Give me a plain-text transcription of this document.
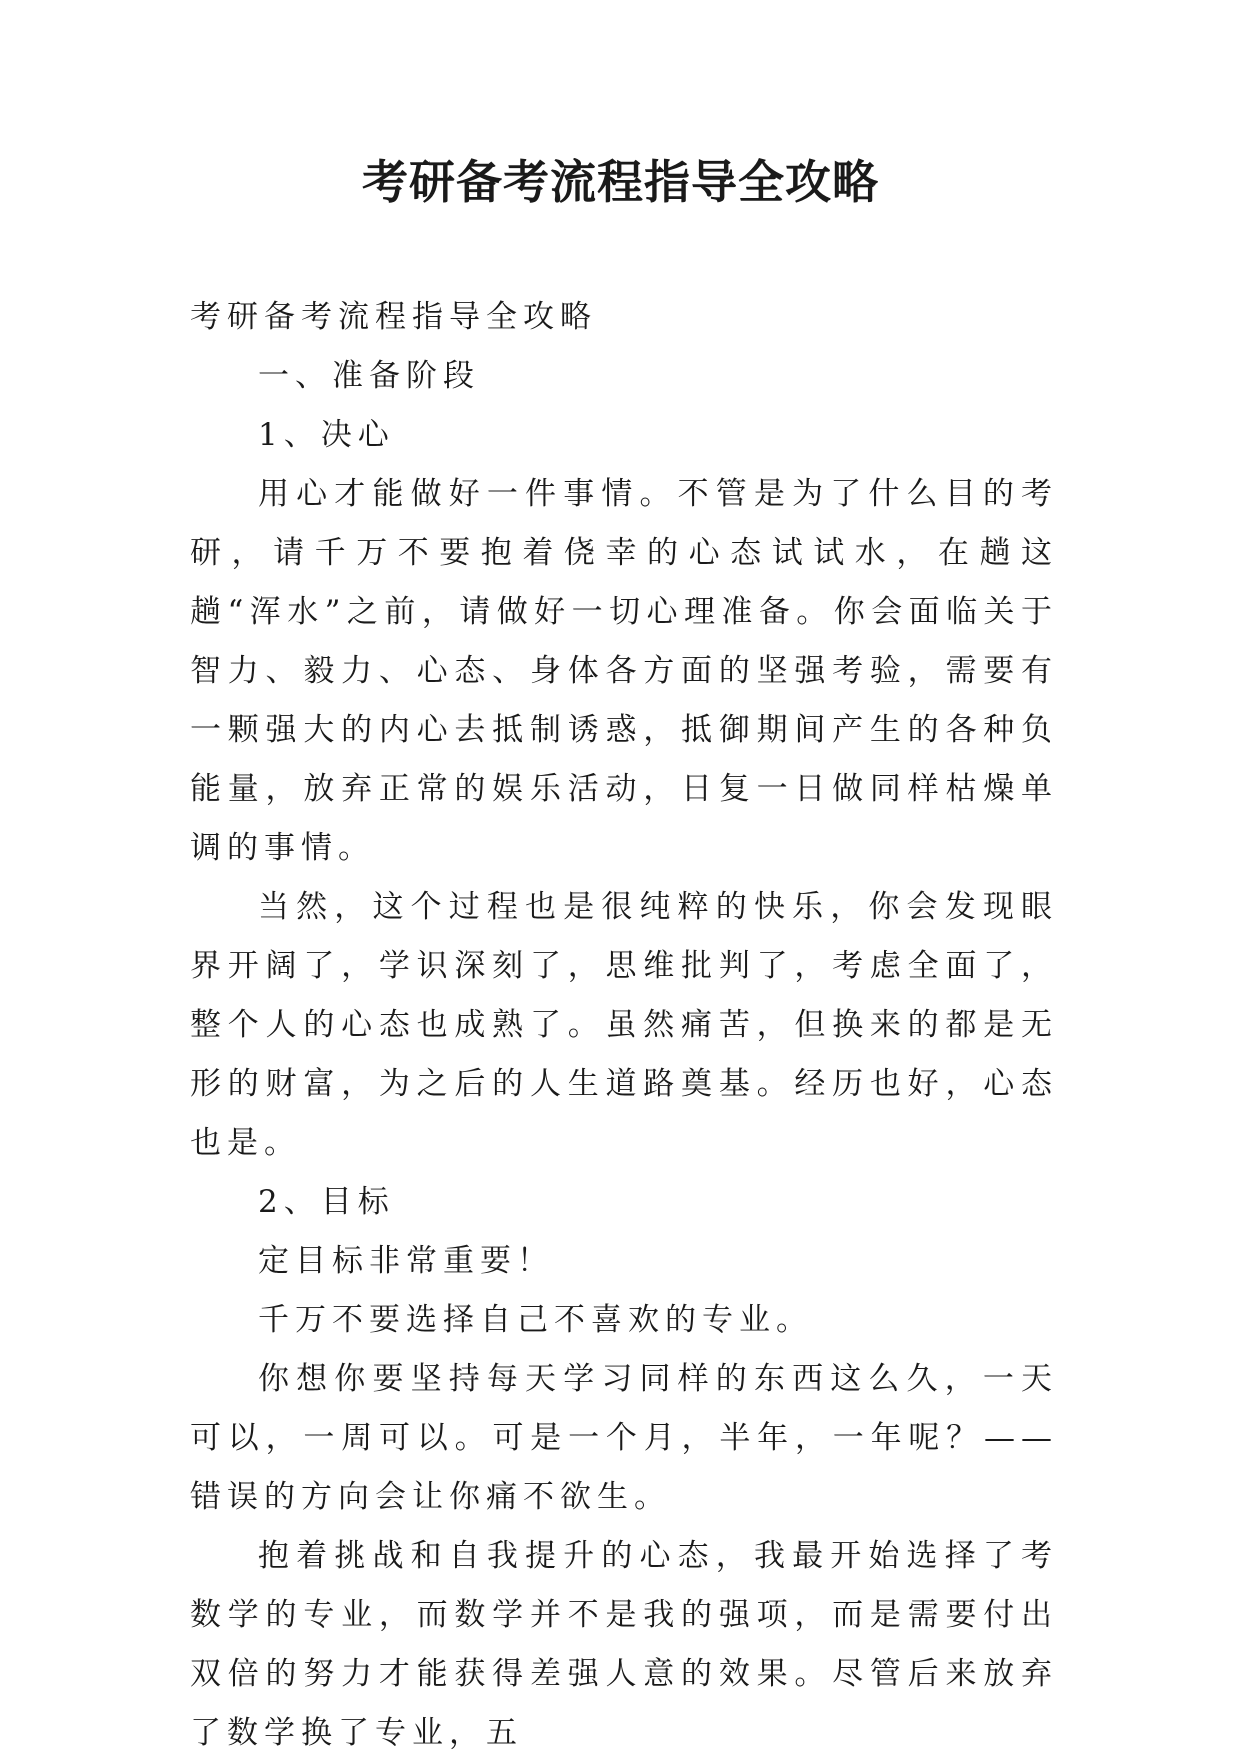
考研备考流程指导全攻略

考研备考流程指导全攻略

一、准备阶段

1、决心

用心才能做好一件事情。不管是为了什么目的考研，请千万不要抱着侥幸的心态试试水，在趟这趟“浑水”之前，请做好一切心理准备。你会面临关于智力、毅力、心态、身体各方面的坚强考验，需要有一颗强大的内心去抵制诱惑，抵御期间产生的各种负能量，放弃正常的娱乐活动，日复一日做同样枯燥单调的事情。

当然，这个过程也是很纯粹的快乐，你会发现眼界开阔了，学识深刻了，思维批判了，考虑全面了，整个人的心态也成熟了。虽然痛苦，但换来的都是无形的财富，为之后的人生道路奠基。经历也好，心态也是。

2、目标

定目标非常重要！

千万不要选择自己不喜欢的专业。

你想你要坚持每天学习同样的东西这么久，一天可以，一周可以。可是一个月，半年，一年呢？——错误的方向会让你痛不欲生。

抱着挑战和自我提升的心态，我最开始选择了考数学的专业，而数学并不是我的强项，而是需要付出双倍的努力才能获得差强人意的效果。尽管后来放弃了数学换了专业，五
